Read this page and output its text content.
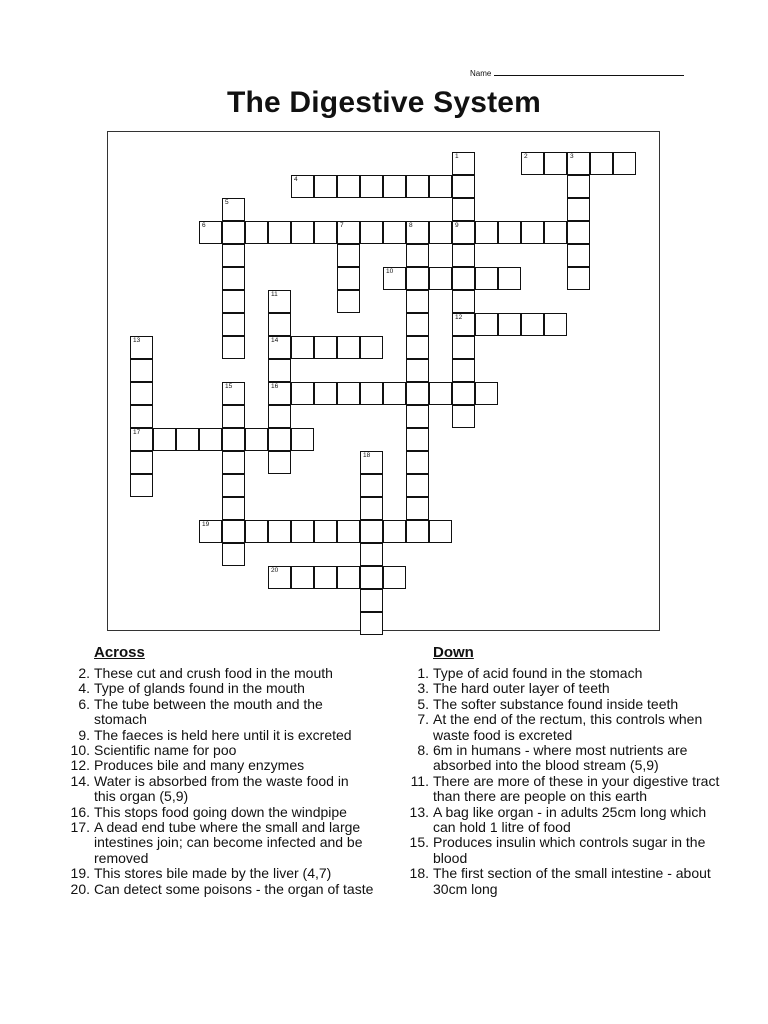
Name
The Digestive System
1
9
12
2	3
4
5
6	7	8
10
11
14
16
13
17
15
18
19
20
Across	Down
2. These cut and crush food in the mouth
4. Type of glands found in the mouth
6. The tube between the mouth and the stomach
9. The faeces is held here until it is excreted
10. Scientific name for poo
12. Produces bile and many enzymes
14. Water is absorbed from the waste food in this organ (5,9)
16. This stops food going down the windpipe
17. A dead end tube where the small and large intestines join; can become infected and be removed
19. This stores bile made by the liver (4,7)
20. Can detect some poisons - the organ of taste
1. Type of acid found in the stomach
3. The hard outer layer of teeth
5. The softer substance found inside teeth
7. At the end of the rectum, this controls when waste food is excreted
8. 6m in humans - where most nutrients are absorbed into the blood stream (5,9)
11. There are more of these in your digestive tract than there are people on this earth
13. A bag like organ - in adults 25cm long which can hold 1 litre of food
15. Produces insulin which controls sugar in the blood
18. The first section of the small intestine - about 30cm long
